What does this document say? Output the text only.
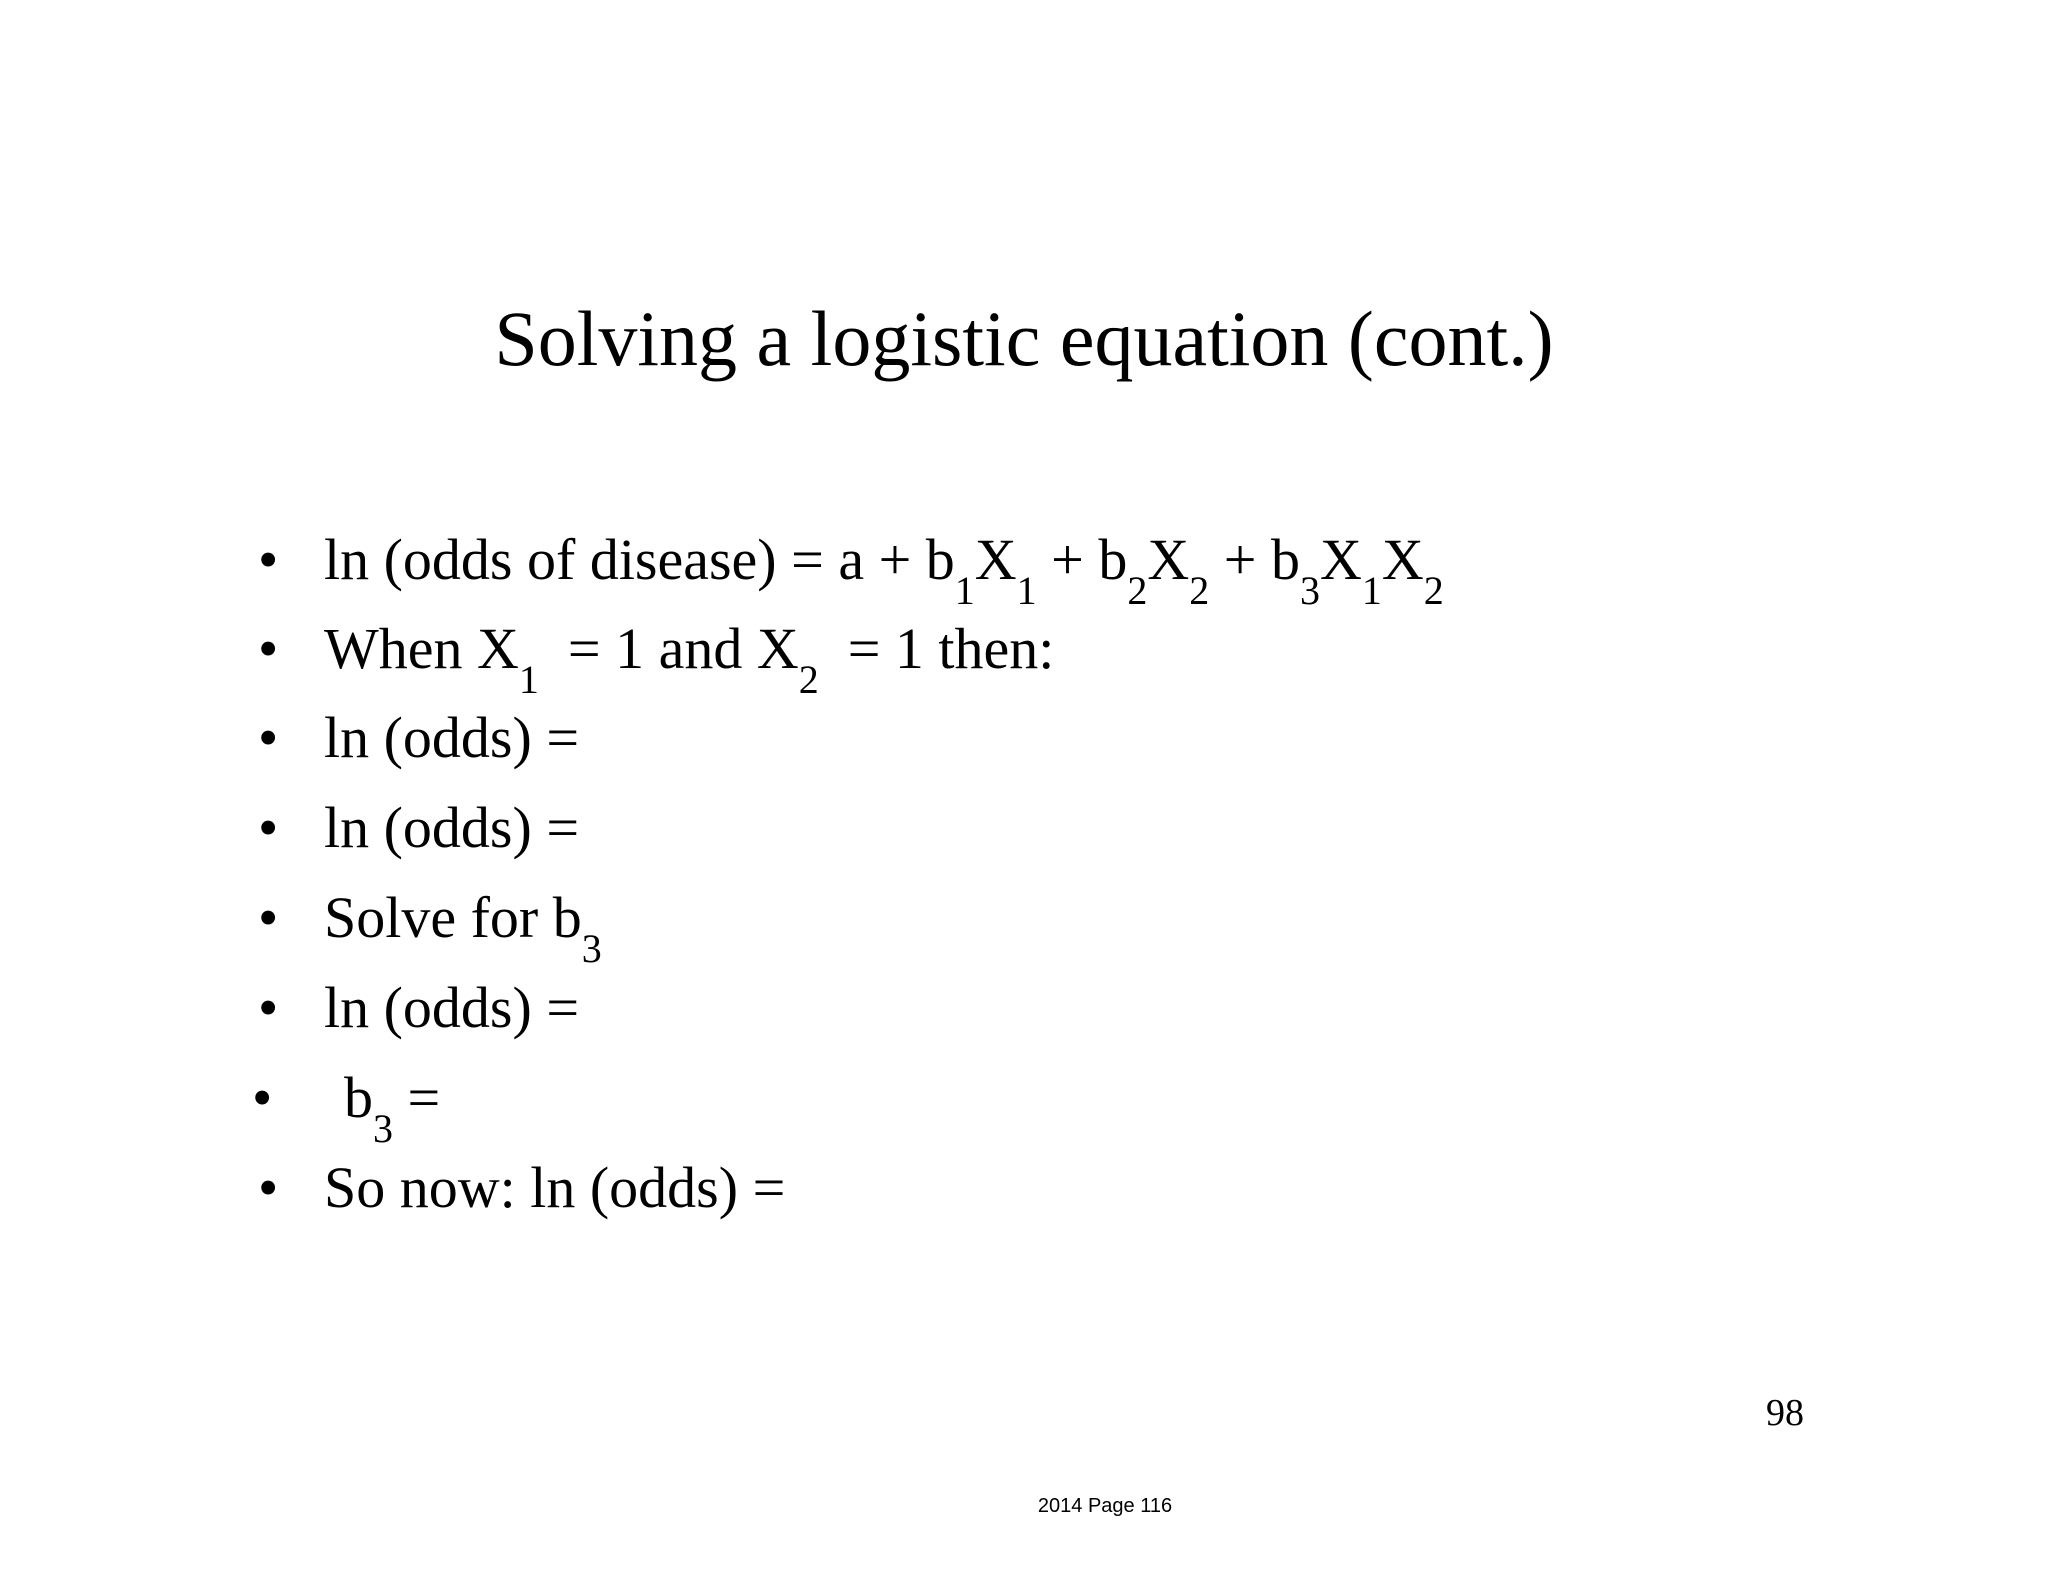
Solving a logistic equation (cont.)
• ln (odds of disease) = $a + b_1X_1 + b_2X_2 + b_3X_1X_2$
• When $X_1 = 1$ and $X_2 = 1$ then:
• ln (odds) =
• ln (odds) =
• Solve for $b_3$
• ln (odds) =
• $b_3$ =
• So now: ln (odds) =
98
2014 Page 116
